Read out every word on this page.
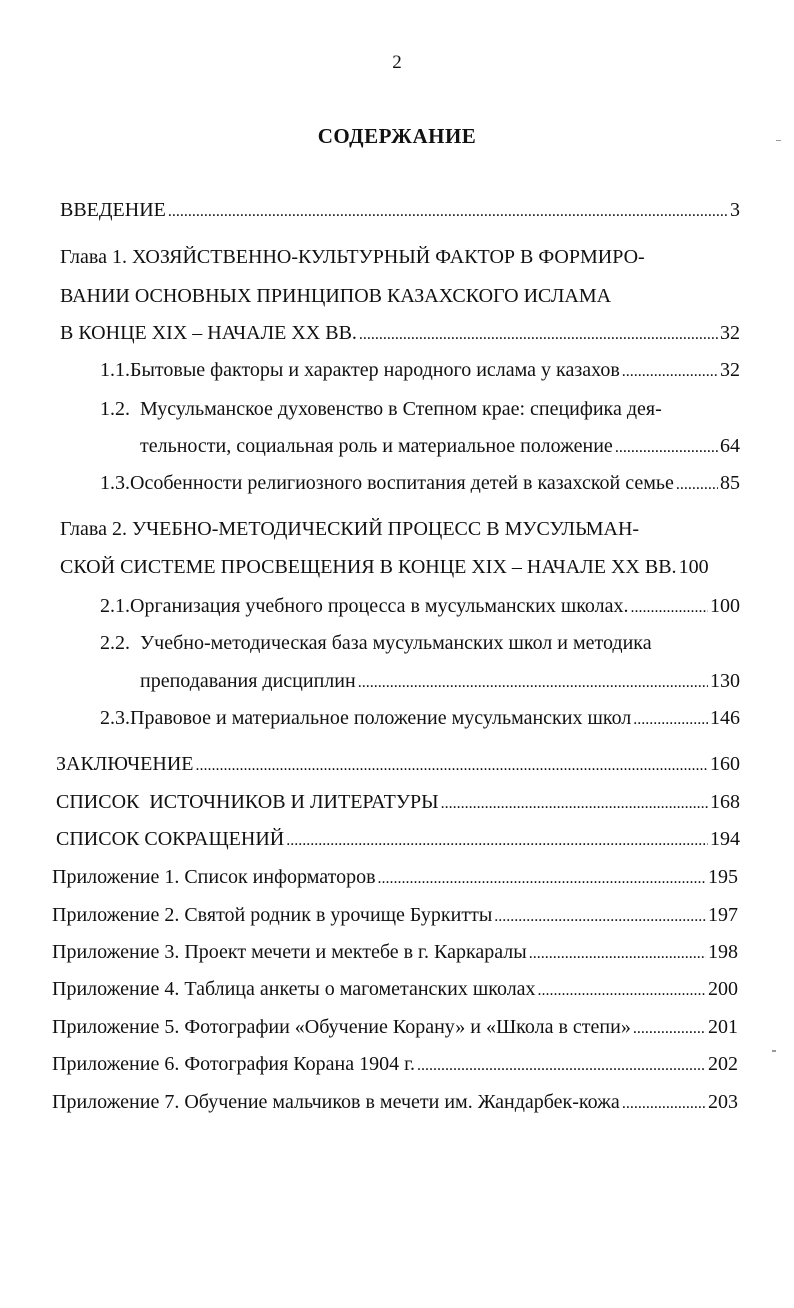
2
СОДЕРЖАНИЕ
ВВЕДЕНИЕ .....	3
Глава 1. ХОЗЯЙСТВЕННО-КУЛЬТУРНЫЙ ФАКТОР В ФОРМИРО-
ВАНИИ ОСНОВНЫХ ПРИНЦИПОВ КАЗАХСКОГО ИСЛАМА
В КОНЦЕ XIX – НАЧАЛЕ XX ВВ. .....	32
1.1. Бытовые факторы и характер народного ислама у казахов .....	32
1.2. Мусульманское духовенство в Степном крае: специфика дея-
тельности, социальная роль и материальное положение .....	64
1.3. Особенности религиозного воспитания детей в казахской семье ..... 85
Глава 2. УЧЕБНО-МЕТОДИЧЕСКИЙ ПРОЦЕСС В МУСУЛЬМАН-
СКОЙ СИСТЕМЕ ПРОСВЕЩЕНИЯ В КОНЦЕ XIX – НАЧАЛЕ XX ВВ. 100
2.1. Организация учебного процесса в мусульманских школах. .....	100
2.2. Учебно-методическая база мусульманских школ и методика
преподавания дисциплин .....	130
2.3. Правовое и материальное положение мусульманских школ .....	146
ЗАКЛЮЧЕНИЕ .....	160
СПИСОК  ИСТОЧНИКОВ И ЛИТЕРАТУРЫ .....	168
СПИСОК СОКРАЩЕНИЙ .....	194
Приложение 1. Список информаторов .....	195
Приложение 2. Святой родник в урочище Буркитты .....	197
Приложение 3. Проект мечети и мектебе в г. Каркаралы .....	198
Приложение 4. Таблица анкеты о магометанских школах .....	200
Приложение 5. Фотографии «Обучение Корану» и «Школа в степи» .....	201
Приложение 6. Фотография Корана 1904 г. .....	202
Приложение 7. Обучение мальчиков в мечети им. Жандарбек-кожа .....	203
